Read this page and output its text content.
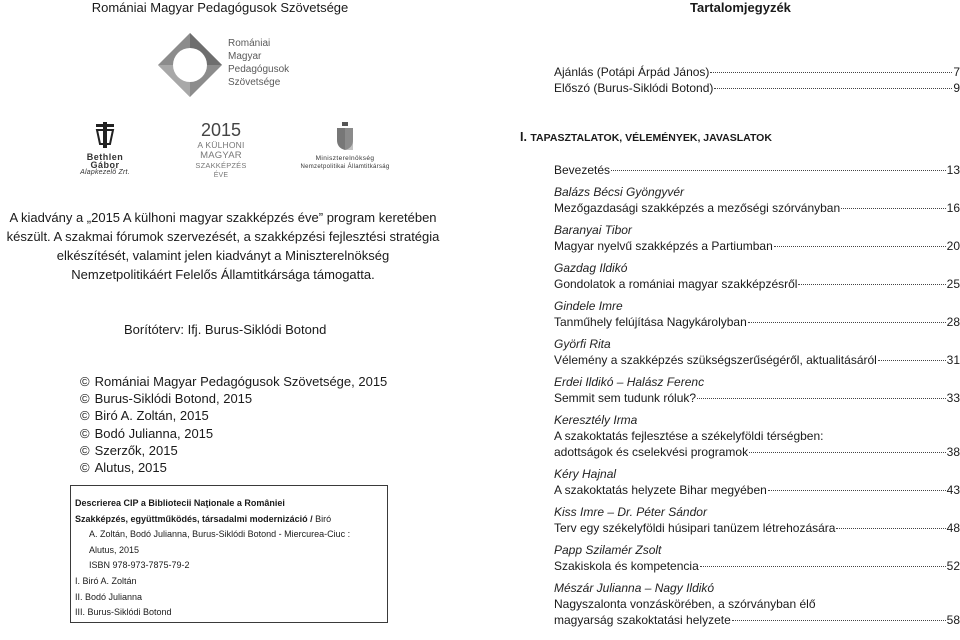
Romániai Magyar Pedagógusok Szövetsége
Romániai
Magyar
Pedagógusok
Szövetsége
Bethlen Gábor
Alapkezelő Zrt.
2015
A KÜLHONI
MAGYAR
SZAKKÉPZÉS
ÉVE
Miniszterelnökség
Nemzetpolitikai Államtitkárság
A kiadvány a „2015 A külhoni magyar szakképzés éve” program keretében készült. A szakmai fórumok szervezését, a szakképzési fejlesztési stratégia elkészítését, valamint jelen kiadványt a Miniszterelnökség Nemzetpolitikáért Felelős Államtitkársága támogatta.
Borítóterv: Ifj. Burus-Siklódi Botond
© Romániai Magyar Pedagógusok Szövetsége, 2015
© Burus-Siklódi Botond, 2015
© Biró A. Zoltán, 2015
© Bodó Julianna, 2015
© Szerzők, 2015
© Alutus, 2015
Descrierea CIP a Bibliotecii Naţionale a României
Szakképzés, együttműködés, társadalmi modernizáció / Biró
A. Zoltán, Bodó Julianna, Burus-Siklódi Botond - Miercurea-Ciuc :
Alutus, 2015
ISBN 978-973-7875-79-2
I. Biró A. Zoltán
II. Bodó Julianna
III. Burus-Siklódi Botond
Tartalomjegyzék
Ajánlás (Potápi Árpád János)	7
Előszó (Burus-Siklódi Botond)	9
I. TAPASZTALATOK, VÉLEMÉNYEK, JAVASLATOK
Bevezetés	13
Balázs Bécsi Gyöngyvér
Mezőgazdasági szakképzés a mezőségi szórványban	16
Baranyai Tibor
Magyar nyelvű szakképzés a Partiumban	20
Gazdag Ildikó
Gondolatok a romániai magyar szakképzésről	25
Gindele Imre
Tanműhely felújítása Nagykárolyban	28
Györfi Rita
Vélemény a szakképzés szükségszerűségéről, aktualitásáról	31
Erdei Ildikó – Halász Ferenc
Semmit sem tudunk róluk?	33
Keresztély Irma
A szakoktatás fejlesztése a székelyföldi térségben:
adottságok és cselekvési programok	38
Kéry Hajnal
A szakoktatás helyzete Bihar megyében	43
Kiss Imre – Dr. Péter Sándor
Terv egy székelyföldi húsipari tanüzem létrehozására	48
Papp Szilamér Zsolt
Szakiskola és kompetencia	52
Mészár Julianna – Nagy Ildikó
Nagyszalonta vonzáskörében, a szórványban élő
magyarság szakoktatási helyzete	58
